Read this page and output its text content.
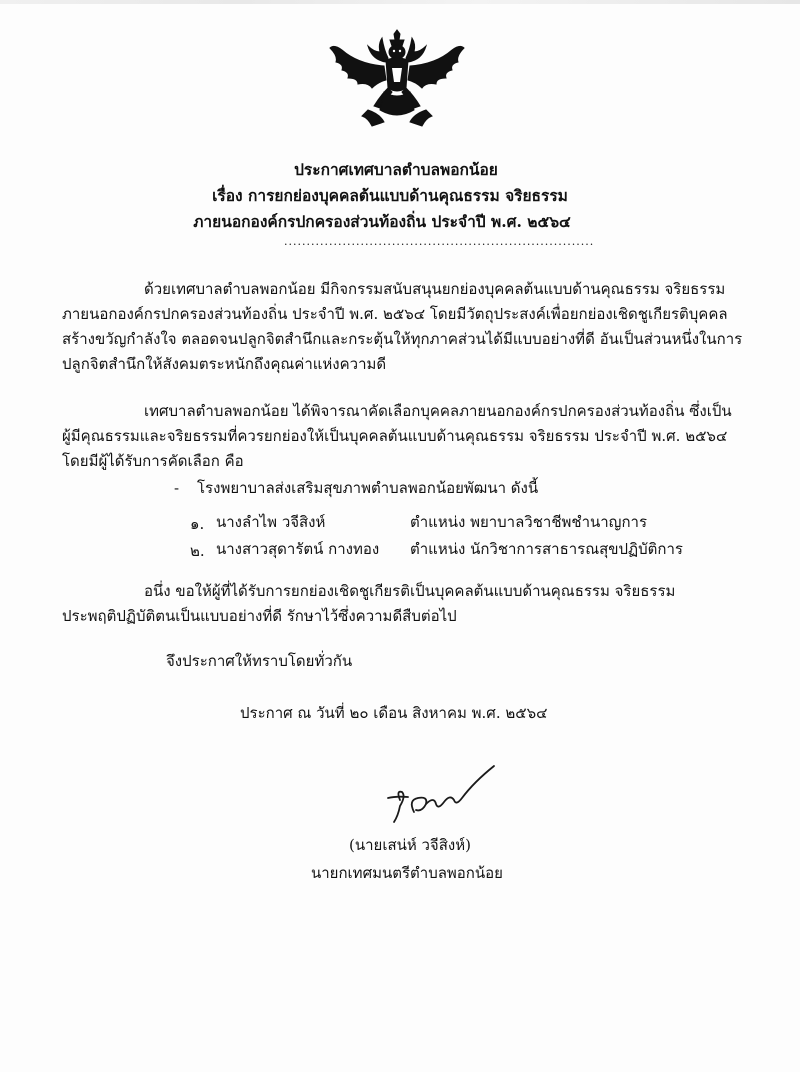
ประกาศเทศบาลตำบลพอกน้อย
เรื่อง การยกย่องบุคคลต้นแบบด้านคุณธรรม จริยธรรม
ภายนอกองค์กรปกครองส่วนท้องถิ่น ประจำปี พ.ศ. ๒๕๖๔
.....................................................................
ด้วยเทศบาลตำบลพอกน้อย มีกิจกรรมสนับสนุนยกย่องบุคคลต้นแบบด้านคุณธรรม จริยธรรม
ภายนอกองค์กรปกครองส่วนท้องถิ่น ประจำปี พ.ศ. ๒๕๖๔ โดยมีวัตถุประสงค์เพื่อยกย่องเชิดชูเกียรติบุคคล
สร้างขวัญกำลังใจ ตลอดจนปลูกจิตสำนึกและกระตุ้นให้ทุกภาคส่วนได้มีแบบอย่างที่ดี อันเป็นส่วนหนึ่งในการ
ปลูกจิตสำนึกให้สังคมตระหนักถึงคุณค่าแห่งความดี
เทศบาลตำบลพอกน้อย ได้พิจารณาคัดเลือกบุคคลภายนอกองค์กรปกครองส่วนท้องถิ่น ซึ่งเป็น
ผู้มีคุณธรรมและจริยธรรมที่ควรยกย่องให้เป็นบุคคลต้นแบบด้านคุณธรรม จริยธรรม ประจำปี พ.ศ. ๒๕๖๔
โดยมีผู้ได้รับการคัดเลือก คือ
- โรงพยาบาลส่งเสริมสุขภาพตำบลพอกน้อยพัฒนา ดังนี้
๑. นางลำไพ วจีสิงห์	ตำแหน่ง พยาบาลวิชาชีพชำนาญการ
๒. นางสาวสุดารัตน์ กางทอง ตำแหน่ง นักวิชาการสาธารณสุขปฏิบัติการ
อนึ่ง ขอให้ผู้ที่ได้รับการยกย่องเชิดชูเกียรติเป็นบุคคลต้นแบบด้านคุณธรรม จริยธรรม
ประพฤติปฏิบัติตนเป็นแบบอย่างที่ดี รักษาไว้ซึ่งความดีสืบต่อไป
จึงประกาศให้ทราบโดยทั่วกัน
ประกาศ ณ วันที่ ๒๐ เดือน สิงหาคม พ.ศ. ๒๕๖๔
(นายเสน่ห์ วจีสิงห์)
นายกเทศมนตรีตำบลพอกน้อย
